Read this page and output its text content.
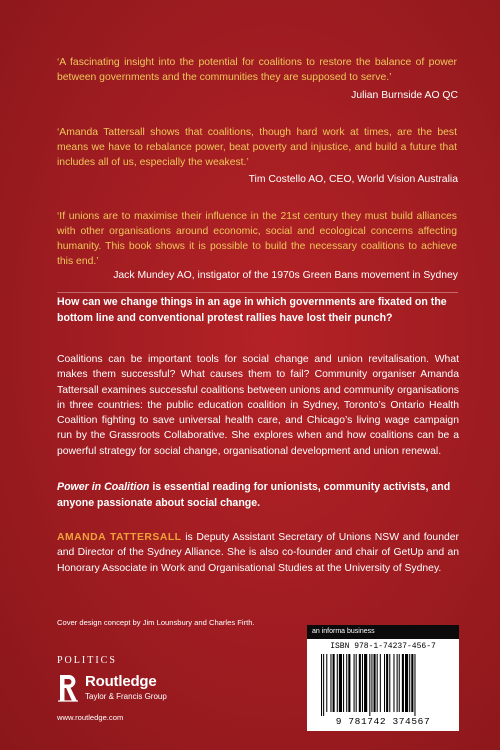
‘A fascinating insight into the potential for coalitions to restore the balance of power between governments and the communities they are supposed to serve.’
Julian Burnside AO QC
‘Amanda Tattersall shows that coalitions, though hard work at times, are the best means we have to rebalance power, beat poverty and injustice, and build a future that includes all of us, especially the weakest.’
Tim Costello AO, CEO, World Vision Australia
‘If unions are to maximise their influence in the 21st century they must build alliances with other organisations around economic, social and ecological concerns affecting humanity. This book shows it is possible to build the necessary coalitions to achieve this end.’
Jack Mundey AO, instigator of the 1970s Green Bans movement in Sydney
How can we change things in an age in which governments are fixated on the bottom line and conventional protest rallies have lost their punch?
Coalitions can be important tools for social change and union revitalisation. What makes them successful? What causes them to fail? Community organiser Amanda Tattersall examines successful coalitions between unions and community organisations in three countries: the public education coalition in Sydney, Toronto’s Ontario Health Coalition fighting to save universal health care, and Chicago’s living wage campaign run by the Grassroots Collaborative. She explores when and how coalitions can be a powerful strategy for social change, organisational development and union renewal.
Power in Coalition is essential reading for unionists, community activists, and anyone passionate about social change.
AMANDA TATTERSALL is Deputy Assistant Secretary of Unions NSW and founder and Director of the Sydney Alliance. She is also co-founder and chair of GetUp and an Honorary Associate in Work and Organisational Studies at the University of Sydney.
Cover design concept by Jim Lounsbury and Charles Firth.
POLITICS
Routledge
Taylor & Francis Group
www.routledge.com
an informa business
ISBN 978-1-74237-456-7
9 781742 374567
